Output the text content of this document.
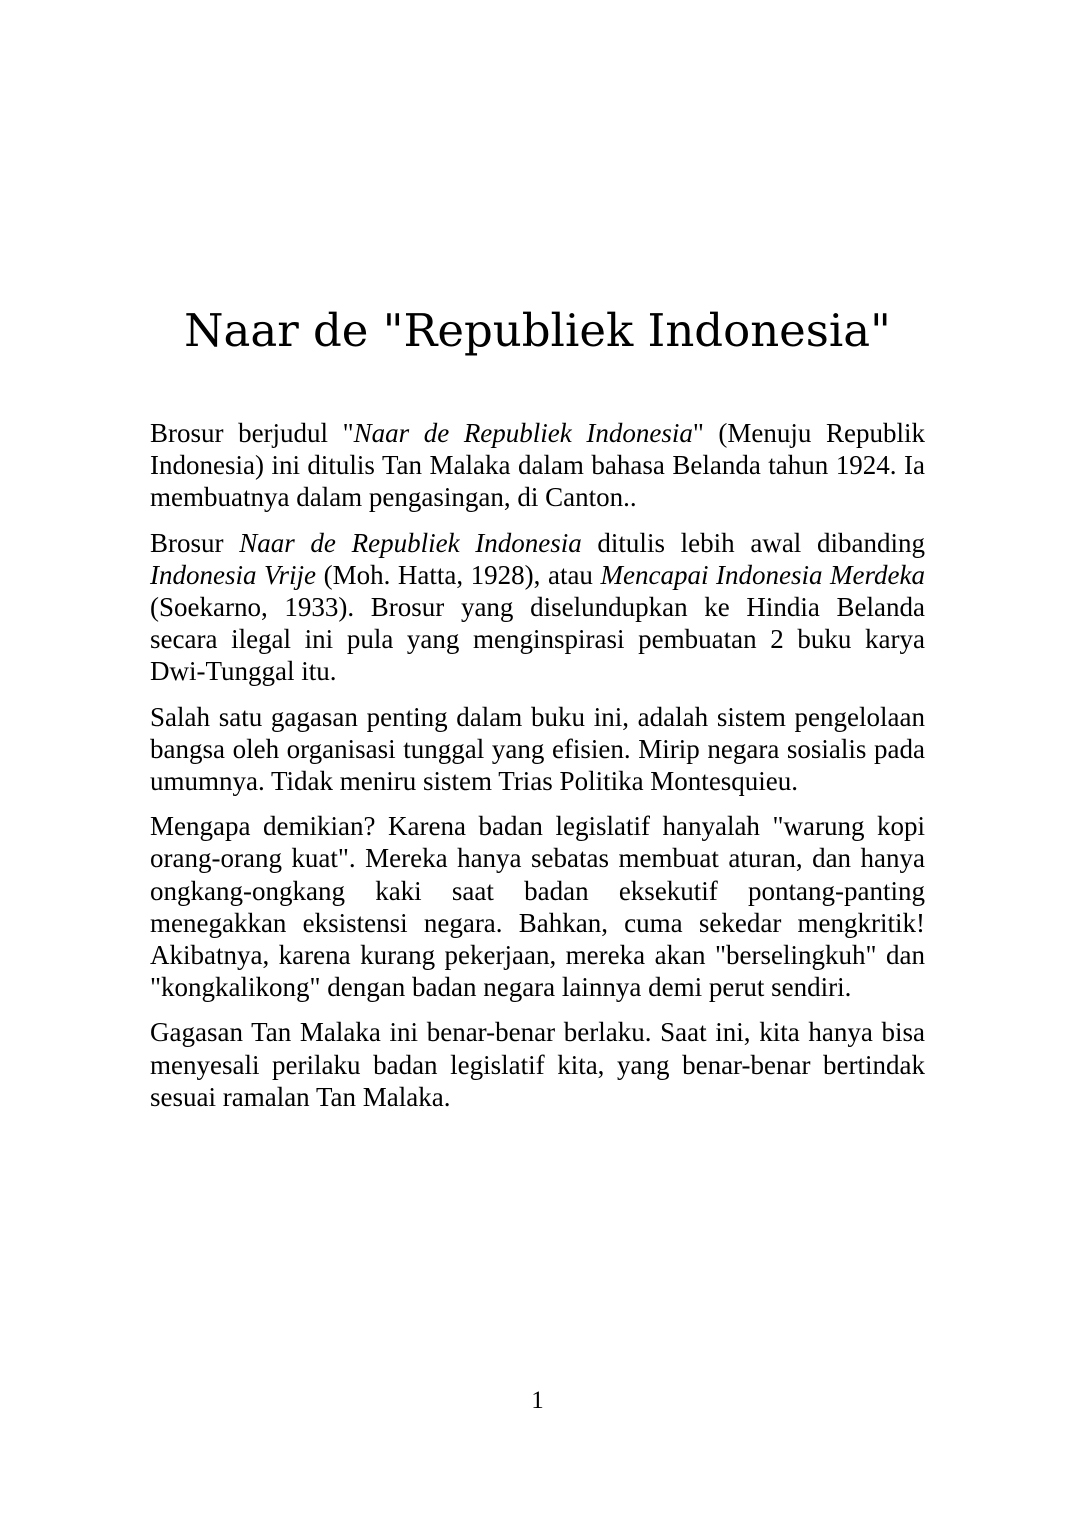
Naar de "Republiek Indonesia"

Brosur berjudul "Naar de Republiek Indonesia" (Menuju Republik Indonesia) ini ditulis Tan Malaka dalam bahasa Belanda tahun 1924. Ia membuatnya dalam pengasingan, di Canton..

Brosur Naar de Republiek Indonesia ditulis lebih awal dibanding Indonesia Vrije (Moh. Hatta, 1928), atau Mencapai Indonesia Merdeka (Soekarno, 1933). Brosur yang diselundupkan ke Hindia Belanda secara ilegal ini pula yang menginspirasi pembuatan 2 buku karya Dwi-Tunggal itu.

Salah satu gagasan penting dalam buku ini, adalah sistem pengelolaan bangsa oleh organisasi tunggal yang efisien. Mirip negara sosialis pada umumnya. Tidak meniru sistem Trias Politika Montesquieu.

Mengapa demikian? Karena badan legislatif hanyalah "warung kopi orang-orang kuat". Mereka hanya sebatas membuat aturan, dan hanya ongkang-ongkang kaki saat badan eksekutif pontang-panting menegakkan eksistensi negara. Bahkan, cuma sekedar mengkritik! Akibatnya, karena kurang pekerjaan, mereka akan "berselingkuh" dan "kongkalikong" dengan badan negara lainnya demi perut sendiri.

Gagasan Tan Malaka ini benar-benar berlaku. Saat ini, kita hanya bisa menyesali perilaku badan legislatif kita, yang benar-benar bertindak sesuai ramalan Tan Malaka.

1
